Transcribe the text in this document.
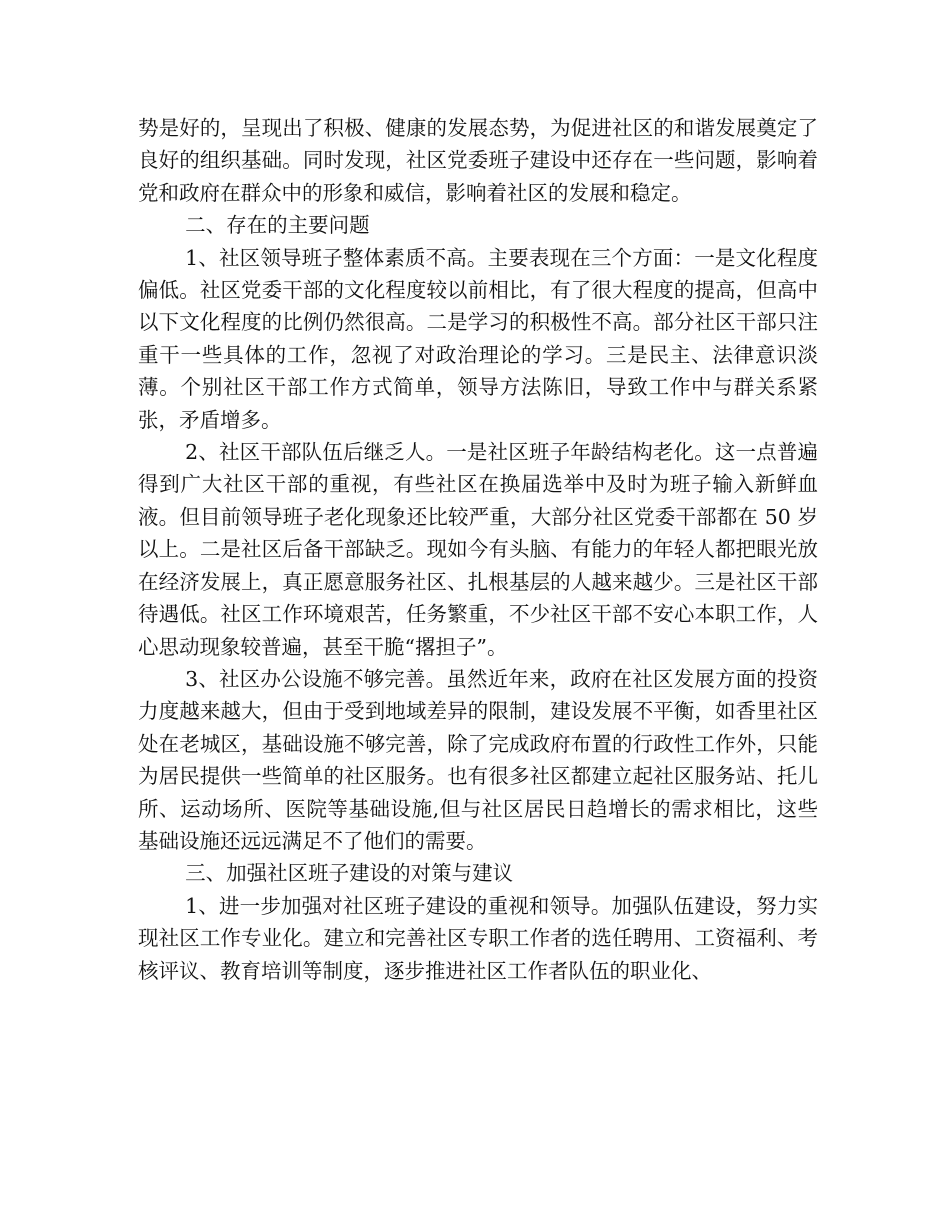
势是好的，呈现出了积极、健康的发展态势，为促进社区的和谐发展奠定了良好的组织基础。同时发现，社区党委班子建设中还存在一些问题，影响着党和政府在群众中的形象和威信，影响着社区的发展和稳定。

二、存在的主要问题

1、社区领导班子整体素质不高。主要表现在三个方面：一是文化程度偏低。社区党委干部的文化程度较以前相比，有了很大程度的提高，但高中以下文化程度的比例仍然很高。二是学习的积极性不高。部分社区干部只注重干一些具体的工作，忽视了对政治理论的学习。三是民主、法律意识淡薄。个别社区干部工作方式简单，领导方法陈旧，导致工作中与群关系紧张，矛盾增多。

2、社区干部队伍后继乏人。一是社区班子年龄结构老化。这一点普遍得到广大社区干部的重视，有些社区在换届选举中及时为班子输入新鲜血液。但目前领导班子老化现象还比较严重，大部分社区党委干部都在 50 岁以上。二是社区后备干部缺乏。现如今有头脑、有能力的年轻人都把眼光放在经济发展上，真正愿意服务社区、扎根基层的人越来越少。三是社区干部待遇低。社区工作环境艰苦，任务繁重，不少社区干部不安心本职工作，人心思动现象较普遍，甚至干脆“撂担子”。

3、社区办公设施不够完善。虽然近年来，政府在社区发展方面的投资力度越来越大，但由于受到地域差异的限制，建设发展不平衡，如香里社区处在老城区，基础设施不够完善，除了完成政府布置的行政性工作外，只能为居民提供一些简单的社区服务。也有很多社区都建立起社区服务站、托儿所、运动场所、医院等基础设施,但与社区居民日趋增长的需求相比，这些基础设施还远远满足不了他们的需要。

三、加强社区班子建设的对策与建议

1、进一步加强对社区班子建设的重视和领导。加强队伍建设，努力实现社区工作专业化。建立和完善社区专职工作者的选任聘用、工资福利、考核评议、教育培训等制度，逐步推进社区工作者队伍的职业化、
